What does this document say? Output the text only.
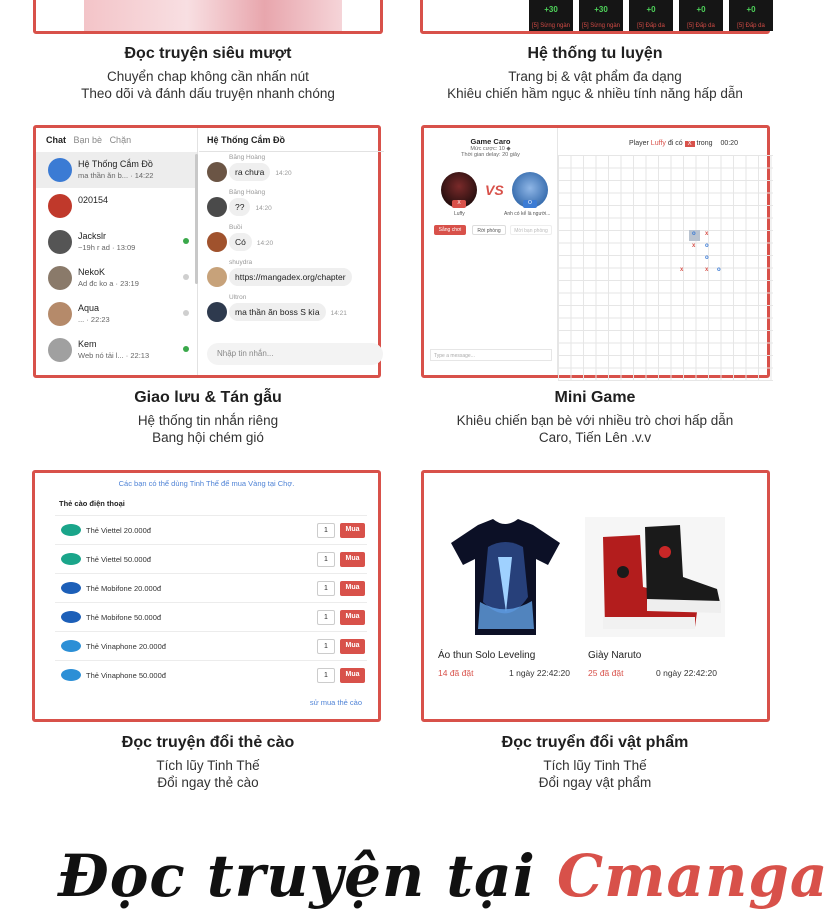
+30
[5] Sừng ngàn
+30
[5] Sừng ngàn
+0
[5] Đấp da
+0
[5] Đấp da
+0
[5] Đấp da
Đọc truyện siêu mượt
Chuyển chap không cần nhấn nút
Theo dõi và đánh dấu truyện nhanh chóng
Hệ thống tu luyện
Trang bị & vật phẩm đa dạng
Khiêu chiến hầm ngục & nhiều tính năng hấp dẫn
Chat Bạn bè Chặn
Hệ Thống Cắm Đồ
ma thần ăn b... · 14:22
020154
Jackslr
~19h r ad · 13:09
NekoK
Ad đc ko a · 23:19
Aqua
... · 22:23
Kem
Web nó tải l... · 22:13
Hệ Thống Cắm Đồ
Băng Hoàng
ra chưa 14:20
Băng Hoàng
?? 14:20
Buồi
Có 14:20
shuydra
https://mangadex.org/chapter
Ultron
ma thần ăn boss S kìa 14:21
Nhập tin nhắn...
Game Caro
Mức cược: 10 ◆
Thời gian delay: 20 giây
X
Luffy
VS
O
Anh có kể là người...
Sẵng chơi	Rời phòng	Mời bạn phòng
Type a message...
Player Luffy đi có X trong 00:20
o x
x o
o
x	x o
Giao lưu & Tán gẫu
Hệ thống tin nhắn riêng
Bang hội chém gió
Mini Game
Khiêu chiến bạn bè với nhiều trò chơi hấp dẫn
Caro, Tiến Lên .v.v
Các bạn có thể dùng Tinh Thế để mua Vàng tại Chợ.
Thẻ cào điện thoại
Thẻ Viettel 20.000đ	1	Mua
Thẻ Viettel 50.000đ	1	Mua
Thẻ Mobifone 20.000đ	1	Mua
Thẻ Mobifone 50.000đ	1	Mua
Thẻ Vinaphone 20.000đ	1	Mua
Thẻ Vinaphone 50.000đ	1	Mua
sử mua thẻ cào
Áo thun Solo Leveling
14 đã đặt	1 ngày 22:42:20
Giày Naruto
25 đã đặt	0 ngày 22:42:20
Đọc truyện đổi thẻ cào
Tích lũy Tinh Thế
Đổi ngay thẻ cào
Đọc truyển đổi vật phẩm
Tích lũy Tinh Thế
Đổi ngay vật phẩm
Đọc truyện tại Cmanga
